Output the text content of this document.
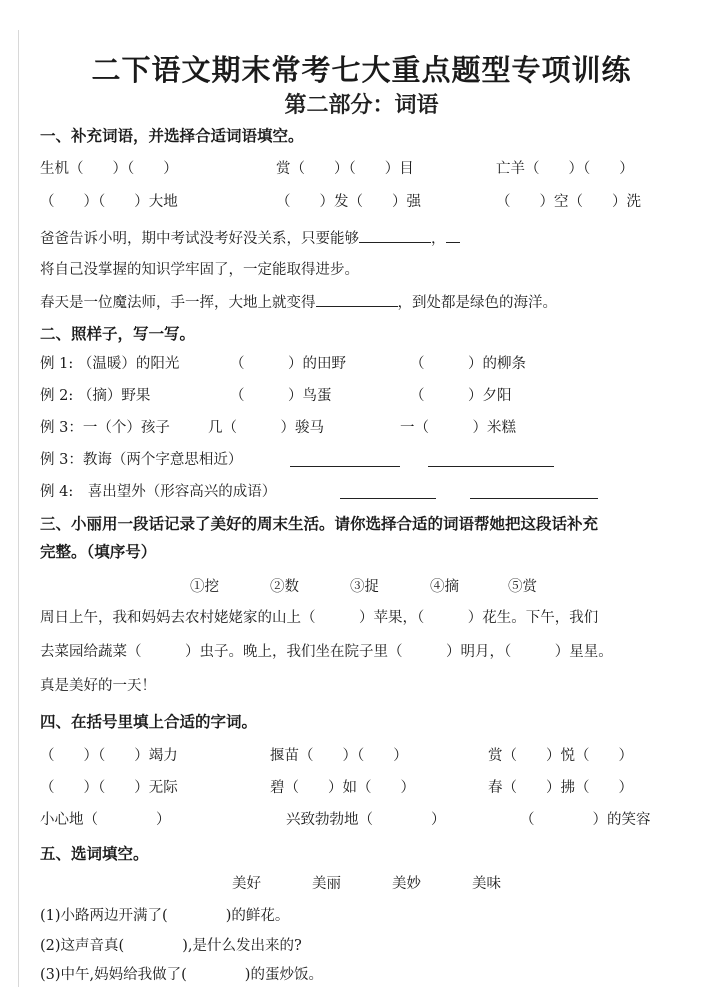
二下语文期末常考七大重点题型专项训练
第二部分：词语
一、补充词语，并选择合适词语填空。
生机（　　）（　　）	赏（　　）（　　）目	亡羊（　　）（　　）
（　　）（　　）大地	（　　）发（　　）强	（　　）空（　　）洗
爸爸告诉小明，期中考试没考好没关系，只要能够	，
将自己没掌握的知识学牢固了，一定能取得进步。
春天是一位魔法师，手一挥，大地上就变得	，到处都是绿色的海洋。
二、照样子，写一写。
例 1: （温暖）的阳光	（　　　）的田野	（　　　）的柳条
例 2: （摘）野果	（　　　）鸟蛋	（　　　）夕阳
例 3：一（个）孩子	几（　　　）骏马	一（　　　）米糕
例 3：教诲（两个字意思相近）
例 4:　喜出望外（形容高兴的成语）
三、小丽用一段话记录了美好的周末生活。请你选择合适的词语帮她把这段话补充
完整。（填序号）
①挖	②数	③捉	④摘	⑤赏
周日上午，我和妈妈去农村姥姥家的山上（　　　）苹果，（　　　）花生。下午，我们
去菜园给蔬菜（　　　）虫子。晚上，我们坐在院子里（　　　）明月，（　　　）星星。
真是美好的一天！
四、在括号里填上合适的字词。
（　　）（　　）竭力	揠苗（　　）（　　）	赏（　　）悦（　　）
（　　）（　　）无际	碧（　　）如（　　）	春（　　）拂（　　）
小心地（　　　　）	兴致勃勃地（　　　　）	（　　　　）的笑容
五、选词填空。
美好	美丽	美妙	美味
(1)小路两边开满了(　　　　)的鲜花。
(2)这声音真(　　　　),是什么发出来的?
(3)中午,妈妈给我做了(　　　　)的蛋炒饭。
